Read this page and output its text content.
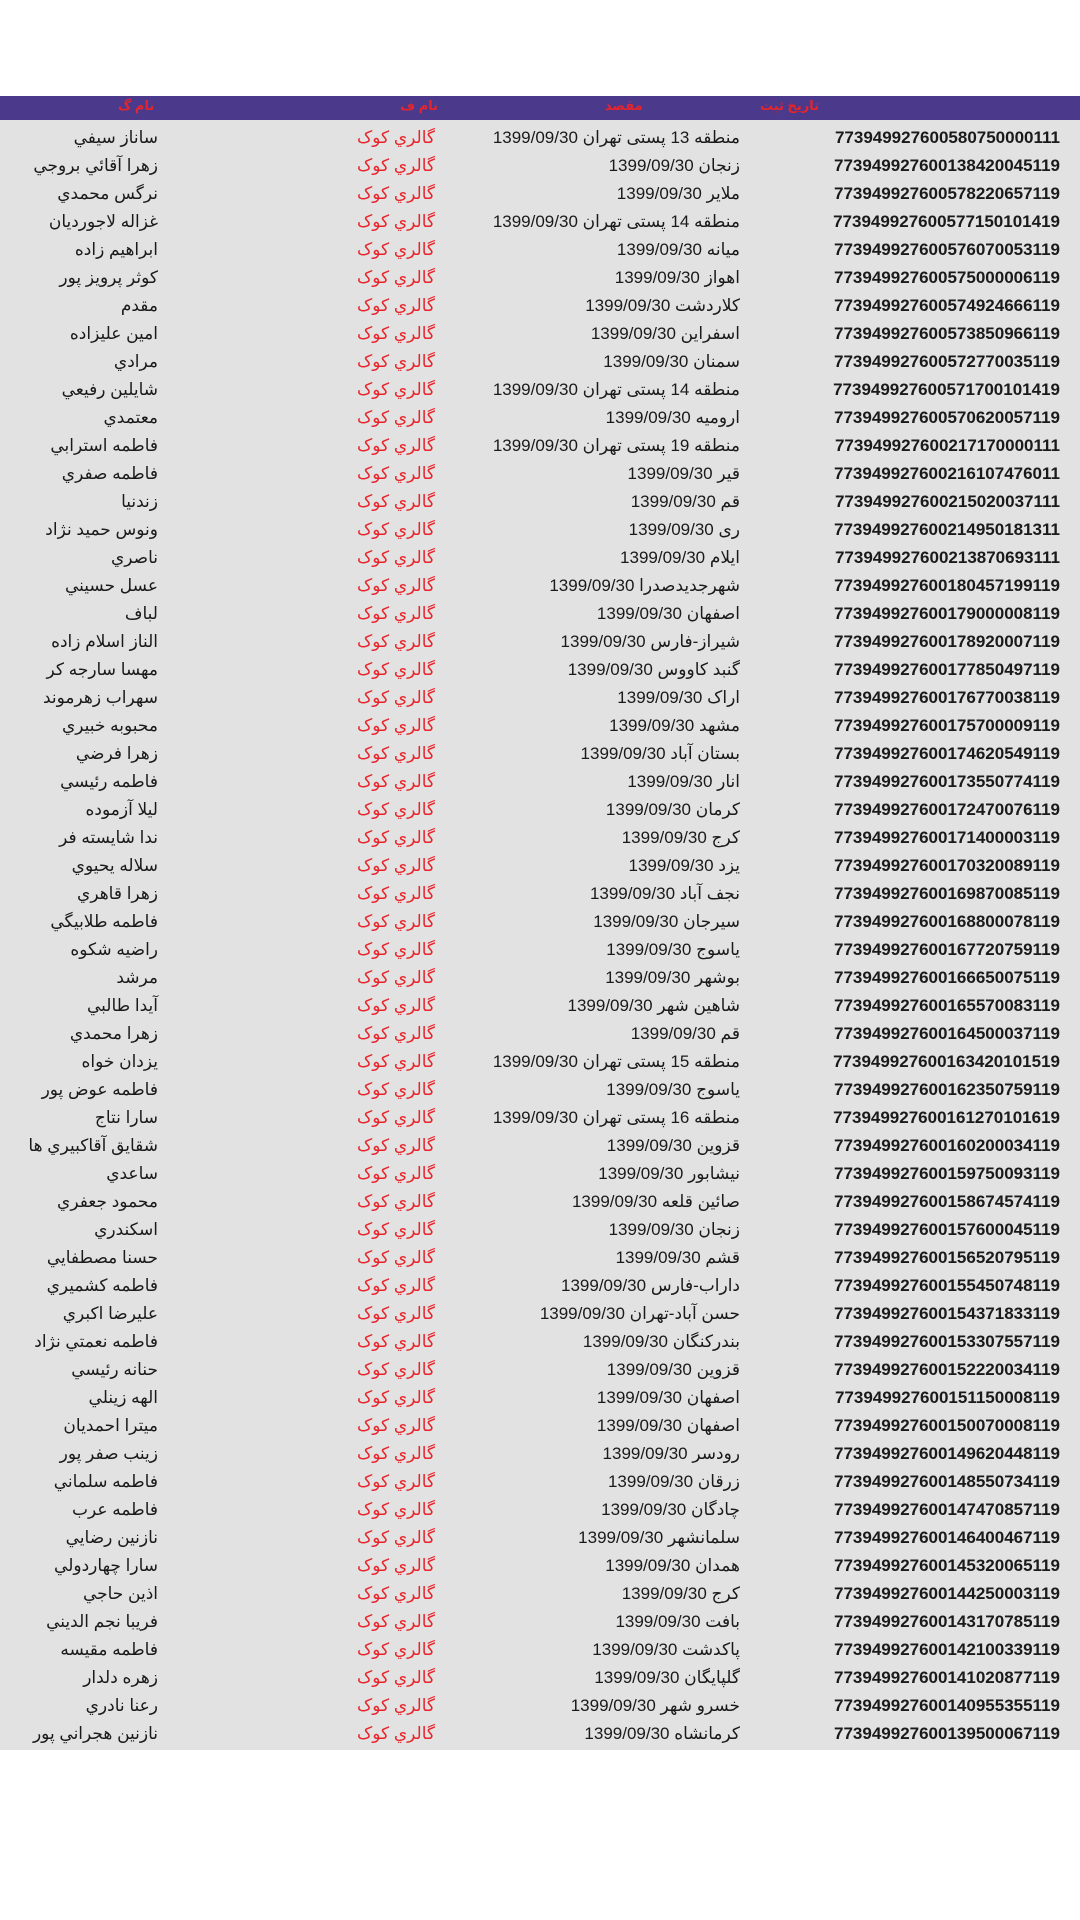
تاریخ ثبت
مقصد
نام ف
نام گ
773949927600580750000111
منطقه 13 پستی تهران 1399/09/30
گالري كوک
ساناز سيفي
773949927600138420045119
زنجان 1399/09/30
گالري كوک
زهرا آقائي بروجي
773949927600578220657119
ملاير 1399/09/30
گالري كوک
نرگس محمدي
773949927600577150101419
منطقه 14 پستی تهران 1399/09/30
گالري كوک
غزاله لاجورديان
773949927600576070053119
ميانه 1399/09/30
گالري كوک
ابراهيم زاده
773949927600575000006119
اهواز 1399/09/30
گالري كوک
كوثر پرويز پور
773949927600574924666119
كلاردشت 1399/09/30
گالري كوک
مقدم
773949927600573850966119
اسفراين 1399/09/30
گالري كوک
امين عليزاده
773949927600572770035119
سمنان 1399/09/30
گالري كوک
مرادي
773949927600571700101419
منطقه 14 پستی تهران 1399/09/30
گالري كوک
شايلين رفيعي
773949927600570620057119
اروميه 1399/09/30
گالري كوک
معتمدي
773949927600217170000111
منطقه 19 پستی تهران 1399/09/30
گالري كوک
فاطمه استرابي
773949927600216107476011
قير 1399/09/30
گالري كوک
فاطمه صفري
773949927600215020037111
قم 1399/09/30
گالري كوک
زندنيا
773949927600214950181311
ری 1399/09/30
گالري كوک
ونوس حميد نژاد
773949927600213870693111
ايلام 1399/09/30
گالري كوک
ناصري
773949927600180457199119
شهرجديدصدرا 1399/09/30
گالري كوک
عسل حسيني
773949927600179000008119
اصفهان 1399/09/30
گالري كوک
لباف
773949927600178920007119
شيراز-فارس 1399/09/30
گالري كوک
الناز اسلام زاده
773949927600177850497119
گنبد كاووس 1399/09/30
گالري كوک
مهسا سارجه كر
773949927600176770038119
اراک 1399/09/30
گالري كوک
سهراب زهرموند
773949927600175700009119
مشهد 1399/09/30
گالري كوک
محبوبه خبيري
773949927600174620549119
بستان آباد 1399/09/30
گالري كوک
زهرا فرضي
773949927600173550774119
انار 1399/09/30
گالري كوک
فاطمه رئيسي
773949927600172470076119
كرمان 1399/09/30
گالري كوک
ليلا آزموده
773949927600171400003119
كرج 1399/09/30
گالري كوک
ندا شايسته فر
773949927600170320089119
يزد 1399/09/30
گالري كوک
سلاله يحيوي
773949927600169870085119
نجف آباد 1399/09/30
گالري كوک
زهرا قاهري
773949927600168800078119
سيرجان 1399/09/30
گالري كوک
فاطمه طلابيگي
773949927600167720759119
ياسوج 1399/09/30
گالري كوک
راضيه شكوه
773949927600166650075119
بوشهر 1399/09/30
گالري كوک
مرشد
773949927600165570083119
شاهين شهر 1399/09/30
گالري كوک
آيدا طالبي
773949927600164500037119
قم 1399/09/30
گالري كوک
زهرا محمدي
773949927600163420101519
منطقه 15 پستی تهران 1399/09/30
گالري كوک
يزدان خواه
773949927600162350759119
ياسوج 1399/09/30
گالري كوک
فاطمه عوض پور
773949927600161270101619
منطقه 16 پستی تهران 1399/09/30
گالري كوک
سارا نتاج
773949927600160200034119
قزوين 1399/09/30
گالري كوک
شقايق آقاكبيري ها
773949927600159750093119
نيشابور 1399/09/30
گالري كوک
ساعدي
773949927600158674574119
صائين قلعه 1399/09/30
گالري كوک
محمود جعفري
773949927600157600045119
زنجان 1399/09/30
گالري كوک
اسكندري
773949927600156520795119
قشم 1399/09/30
گالري كوک
حسنا مصطفايي
773949927600155450748119
داراب-فارس 1399/09/30
گالري كوک
فاطمه كشميري
773949927600154371833119
حسن آباد-تهران 1399/09/30
گالري كوک
عليرضا اكبري
773949927600153307557119
بندرکنگان 1399/09/30
گالري كوک
فاطمه نعمتي نژاد
773949927600152220034119
قزوين 1399/09/30
گالري كوک
حنانه رئيسي
773949927600151150008119
اصفهان 1399/09/30
گالري كوک
الهه زينلي
773949927600150070008119
اصفهان 1399/09/30
گالري كوک
ميترا احمديان
773949927600149620448119
رودسر 1399/09/30
گالري كوک
زينب صفر پور
773949927600148550734119
زرقان 1399/09/30
گالري كوک
فاطمه سلماني
773949927600147470857119
چادگان 1399/09/30
گالري كوک
فاطمه عرب
773949927600146400467119
سلمانشهر 1399/09/30
گالري كوک
نازنين رضايي
773949927600145320065119
همدان 1399/09/30
گالري كوک
سارا چهاردولي
773949927600144250003119
كرج 1399/09/30
گالري كوک
اذين حاجي
773949927600143170785119
بافت 1399/09/30
گالري كوک
فريبا نجم الديني
773949927600142100339119
پاكدشت 1399/09/30
گالري كوک
فاطمه مقيسه
773949927600141020877119
گلپايگان 1399/09/30
گالري كوک
زهره دلدار
773949927600140955355119
خسرو شهر 1399/09/30
گالري كوک
رعنا نادري
773949927600139500067119
كرمانشاه 1399/09/30
گالري كوک
نازنين هجراني پور
